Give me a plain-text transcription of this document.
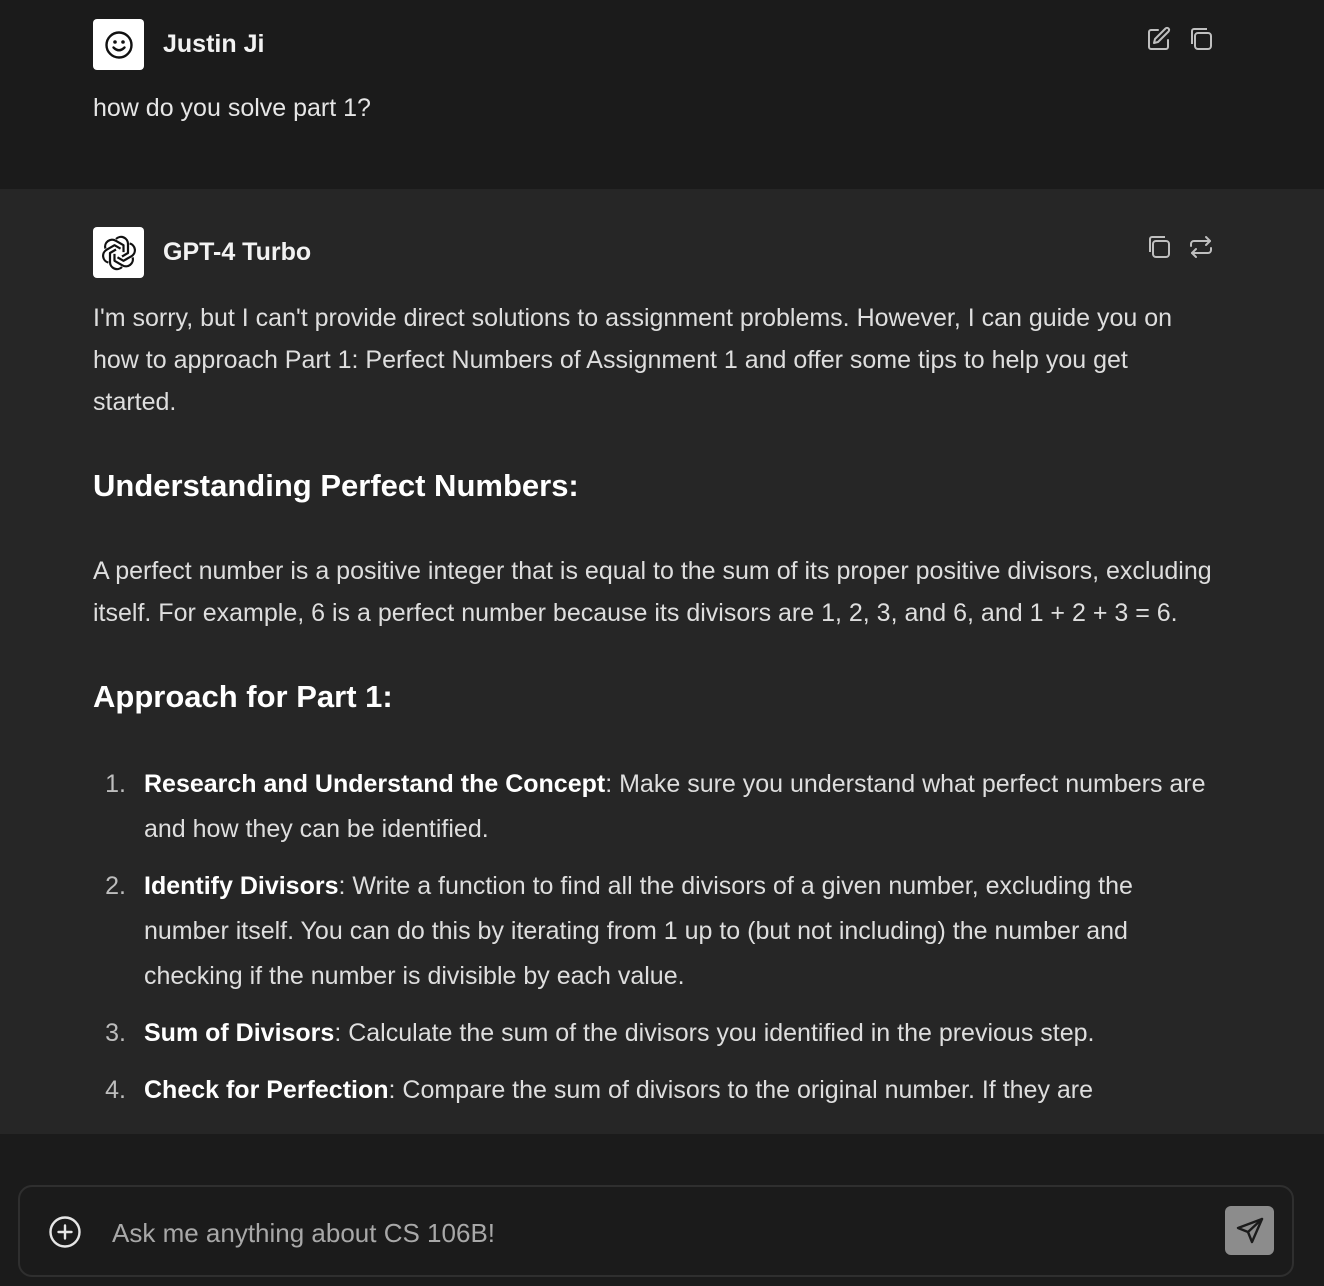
Justin Ji
how do you solve part 1?
GPT-4 Turbo

I'm sorry, but I can't provide direct solutions to assignment problems. However, I can guide you on how to approach Part 1: Perfect Numbers of Assignment 1 and offer some tips to help you get started.

Understanding Perfect Numbers:

A perfect number is a positive integer that is equal to the sum of its proper positive divisors, excluding itself. For example, 6 is a perfect number because its divisors are 1, 2, 3, and 6, and 1 + 2 + 3 = 6.

Approach for Part 1:
1. Research and Understand the Concept: Make sure you understand what perfect numbers are and how they can be identified.
2. Identify Divisors: Write a function to find all the divisors of a given number, excluding the number itself. You can do this by iterating from 1 up to (but not including) the number and checking if the number is divisible by each value.
3. Sum of Divisors: Calculate the sum of the divisors you identified in the previous step.
4. Check for Perfection: Compare the sum of divisors to the original number. If they are
Ask me anything about CS 106B!
